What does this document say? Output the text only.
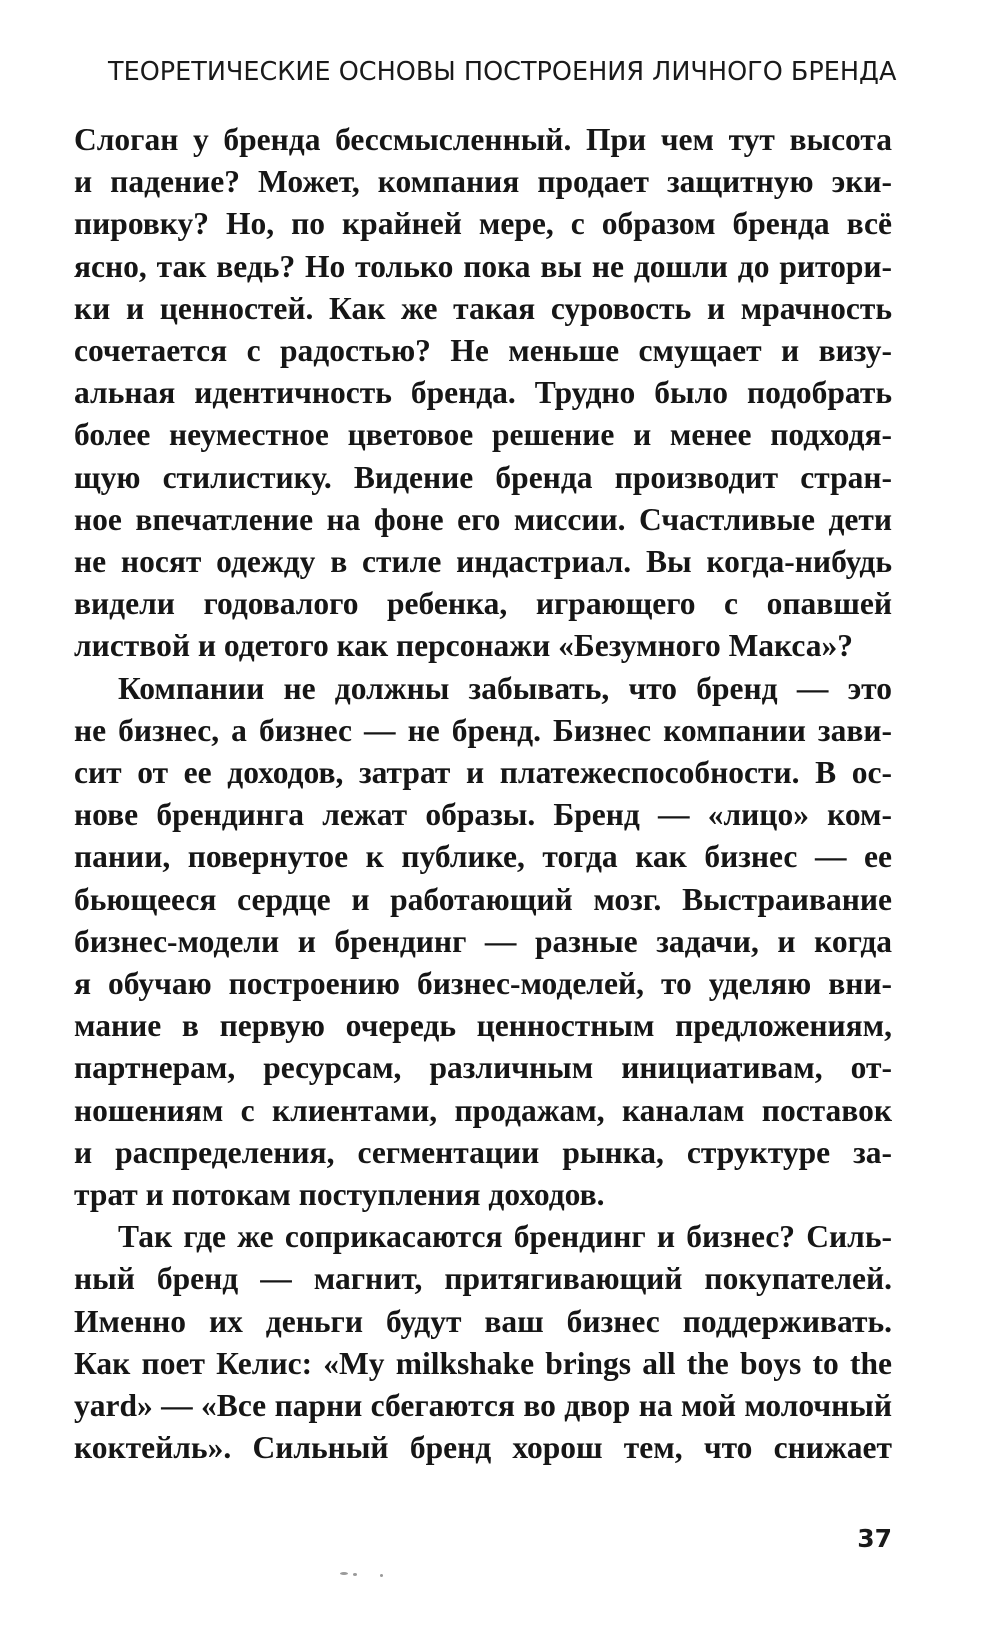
ТЕОРЕТИЧЕСКИЕ ОСНОВЫ ПОСТРОЕНИЯ ЛИЧНОГО БРЕНДА
Слоган у бренда бессмысленный. При чем тут высота
и падение? Может, компания продает защитную эки-
пировку? Но, по крайней мере, с образом бренда всё
ясно, так ведь? Но только пока вы не дошли до ритори-
ки и ценностей. Как же такая суровость и мрачность
сочетается с радостью? Не меньше смущает и визу-
альная идентичность бренда. Трудно было подобрать
более неуместное цветовое решение и менее подходя-
щую стилистику. Видение бренда производит стран-
ное впечатление на фоне его миссии. Счастливые дети
не носят одежду в стиле индастриал. Вы когда-нибудь
видели годовалого ребенка, играющего с опавшей
листвой и одетого как персонажи «Безумного Макса»?
Компании не должны забывать, что бренд — это
не бизнес, а бизнес — не бренд. Бизнес компании зави-
сит от ее доходов, затрат и платежеспособности. В ос-
нове брендинга лежат образы. Бренд — «лицо» ком-
пании, повернутое к публике, тогда как бизнес — ее
бьющееся сердце и работающий мозг. Выстраивание
бизнес-модели и брендинг — разные задачи, и когда
я обучаю построению бизнес-моделей, то уделяю вни-
мание в первую очередь ценностным предложениям,
партнерам, ресурсам, различным инициативам, от-
ношениям с клиентами, продажам, каналам поставок
и распределения, сегментации рынка, структуре за-
трат и потокам поступления доходов.
Так где же соприкасаются брендинг и бизнес? Силь-
ный бренд — магнит, притягивающий покупателей.
Именно их деньги будут ваш бизнес поддерживать.
Как поет Келис: «My milkshake brings all the boys to the
yard» — «Все парни сбегаются во двор на мой молочный
коктейль». Сильный бренд хорош тем, что снижает
37
